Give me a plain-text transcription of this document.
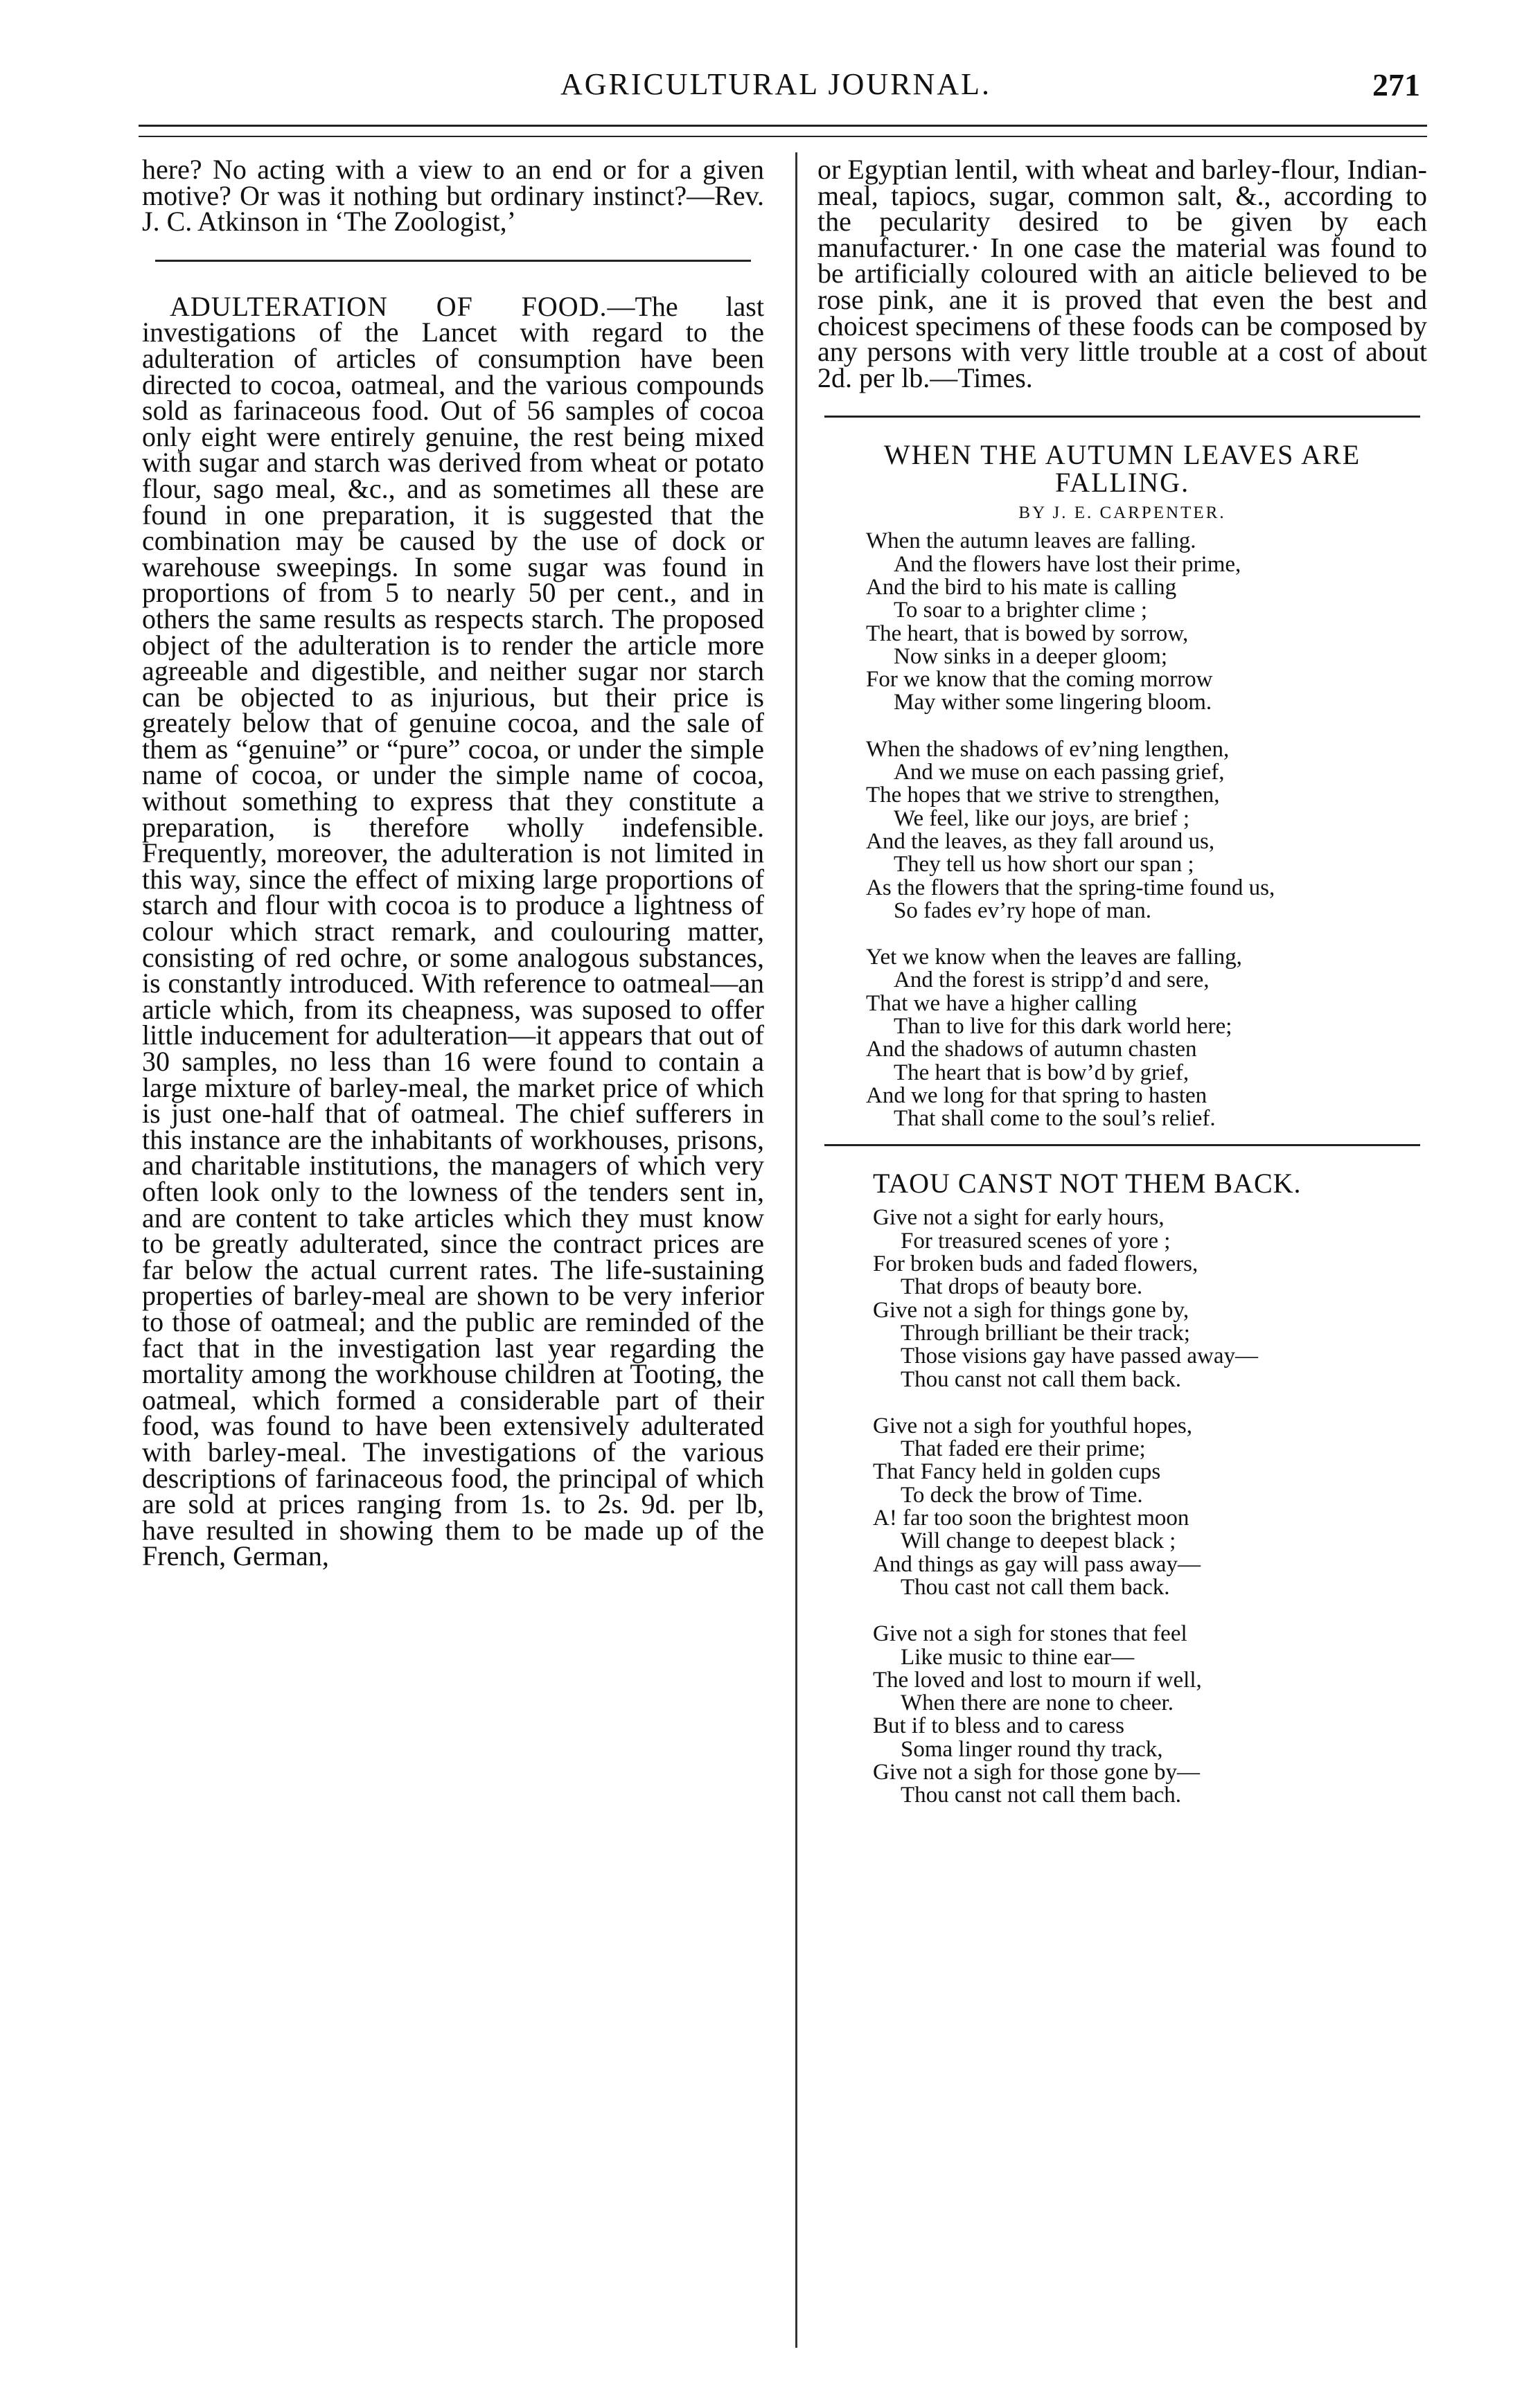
AGRICULTURAL JOURNAL.	271

here? No acting with a view to an end or for a given motive? Or was it nothing but ordinary instinct?—Rev. J. C. Atkinson in ‘The Zoologist,’

ADULTERATION OF FOOD.—The last investigations of the Lancet with regard to the adulteration of articles of consumption have been directed to cocoa, oatmeal, and the various compounds sold as farinaceous food. Out of 56 samples of cocoa only eight were entirely genuine, the rest being mixed with sugar and starch was derived from wheat or potato flour, sago meal, &c., and as sometimes all these are found in one preparation, it is suggested that the combination may be caused by the use of dock or warehouse sweepings. In some sugar was found in proportions of from 5 to nearly 50 per cent., and in others the same results as respects starch. The proposed object of the adulteration is to render the article more agreeable and digestible, and neither sugar nor starch can be objected to as injurious, but their price is greately below that of genuine cocoa, and the sale of them as “genuine” or “pure” cocoa, or under the simple name of cocoa, or under the simple name of cocoa, without something to express that they constitute a preparation, is therefore wholly indefensible. Frequently, moreover, the adulteration is not limited in this way, since the effect of mixing large proportions of starch and flour with cocoa is to produce a lightness of colour which stract remark, and coulouring matter, consisting of red ochre, or some analogous substances, is constantly introduced. With reference to oatmeal—an article which, from its cheapness, was suposed to offer little inducement for adulteration—it appears that out of 30 samples, no less than 16 were found to contain a large mixture of barley-meal, the market price of which is just one-half that of oatmeal. The chief sufferers in this instance are the inhabitants of workhouses, prisons, and charitable institutions, the managers of which very often look only to the lowness of the tenders sent in, and are content to take articles which they must know to be greatly adulterated, since the contract prices are far below the actual current rates. The life-sustaining properties of barley-meal are shown to be very inferior to those of oatmeal; and the public are reminded of the fact that in the investigation last year regarding the mortality among the workhouse children at Tooting, the oatmeal, which formed a considerable part of their food, was found to have been extensively adulterated with barley-meal. The investigations of the various descriptions of farinaceous food, the principal of which are sold at prices ranging from 1s. to 2s. 9d. per lb, have resulted in showing them to be made up of the French, German,

or Egyptian lentil, with wheat and barley-flour, Indian-meal, tapiocs, sugar, common salt, &., according to the pecularity desired to be given by each manufacturer.· In one case the material was found to be artificially coloured with an aiticle believed to be rose pink, ane it is proved that even the best and choicest specimens of these foods can be composed by any persons with very little trouble at a cost of about 2d. per lb.—Times.

WHEN THE AUTUMN LEAVES ARE
FALLING.
BY J. E. CARPENTER.
When the autumn leaves are falling.
And the flowers have lost their prime,
And the bird to his mate is calling
To soar to a brighter clime ;
The heart, that is bowed by sorrow,
Now sinks in a deeper gloom;
For we know that the coming morrow
May wither some lingering bloom.
When the shadows of ev’ning lengthen,
And we muse on each passing grief,
The hopes that we strive to strengthen,
We feel, like our joys, are brief ;
And the leaves, as they fall around us,
They tell us how short our span ;
As the flowers that the spring-time found us,
So fades ev’ry hope of man.
Yet we know when the leaves are falling,
And the forest is stripp’d and sere,
That we have a higher calling
Than to live for this dark world here;
And the shadows of autumn chasten
The heart that is bow’d by grief,
And we long for that spring to hasten
That shall come to the soul’s relief.
TAOU CANST NOT THEM BACK.
Give not a sight for early hours,
For treasured scenes of yore ;
For broken buds and faded flowers,
That drops of beauty bore.
Give not a sigh for things gone by,
Through brilliant be their track;
Those visions gay have passed away—
Thou canst not call them back.
Give not a sigh for youthful hopes,
That faded ere their prime;
That Fancy held in golden cups
To deck the brow of Time.
A! far too soon the brightest moon
Will change to deepest black ;
And things as gay will pass away—
Thou cast not call them back.
Give not a sigh for stones that feel
Like music to thine ear—
The loved and lost to mourn if well,
When there are none to cheer.
But if to bless and to caress
Soma linger round thy track,
Give not a sigh for those gone by—
Thou canst not call them bach.
